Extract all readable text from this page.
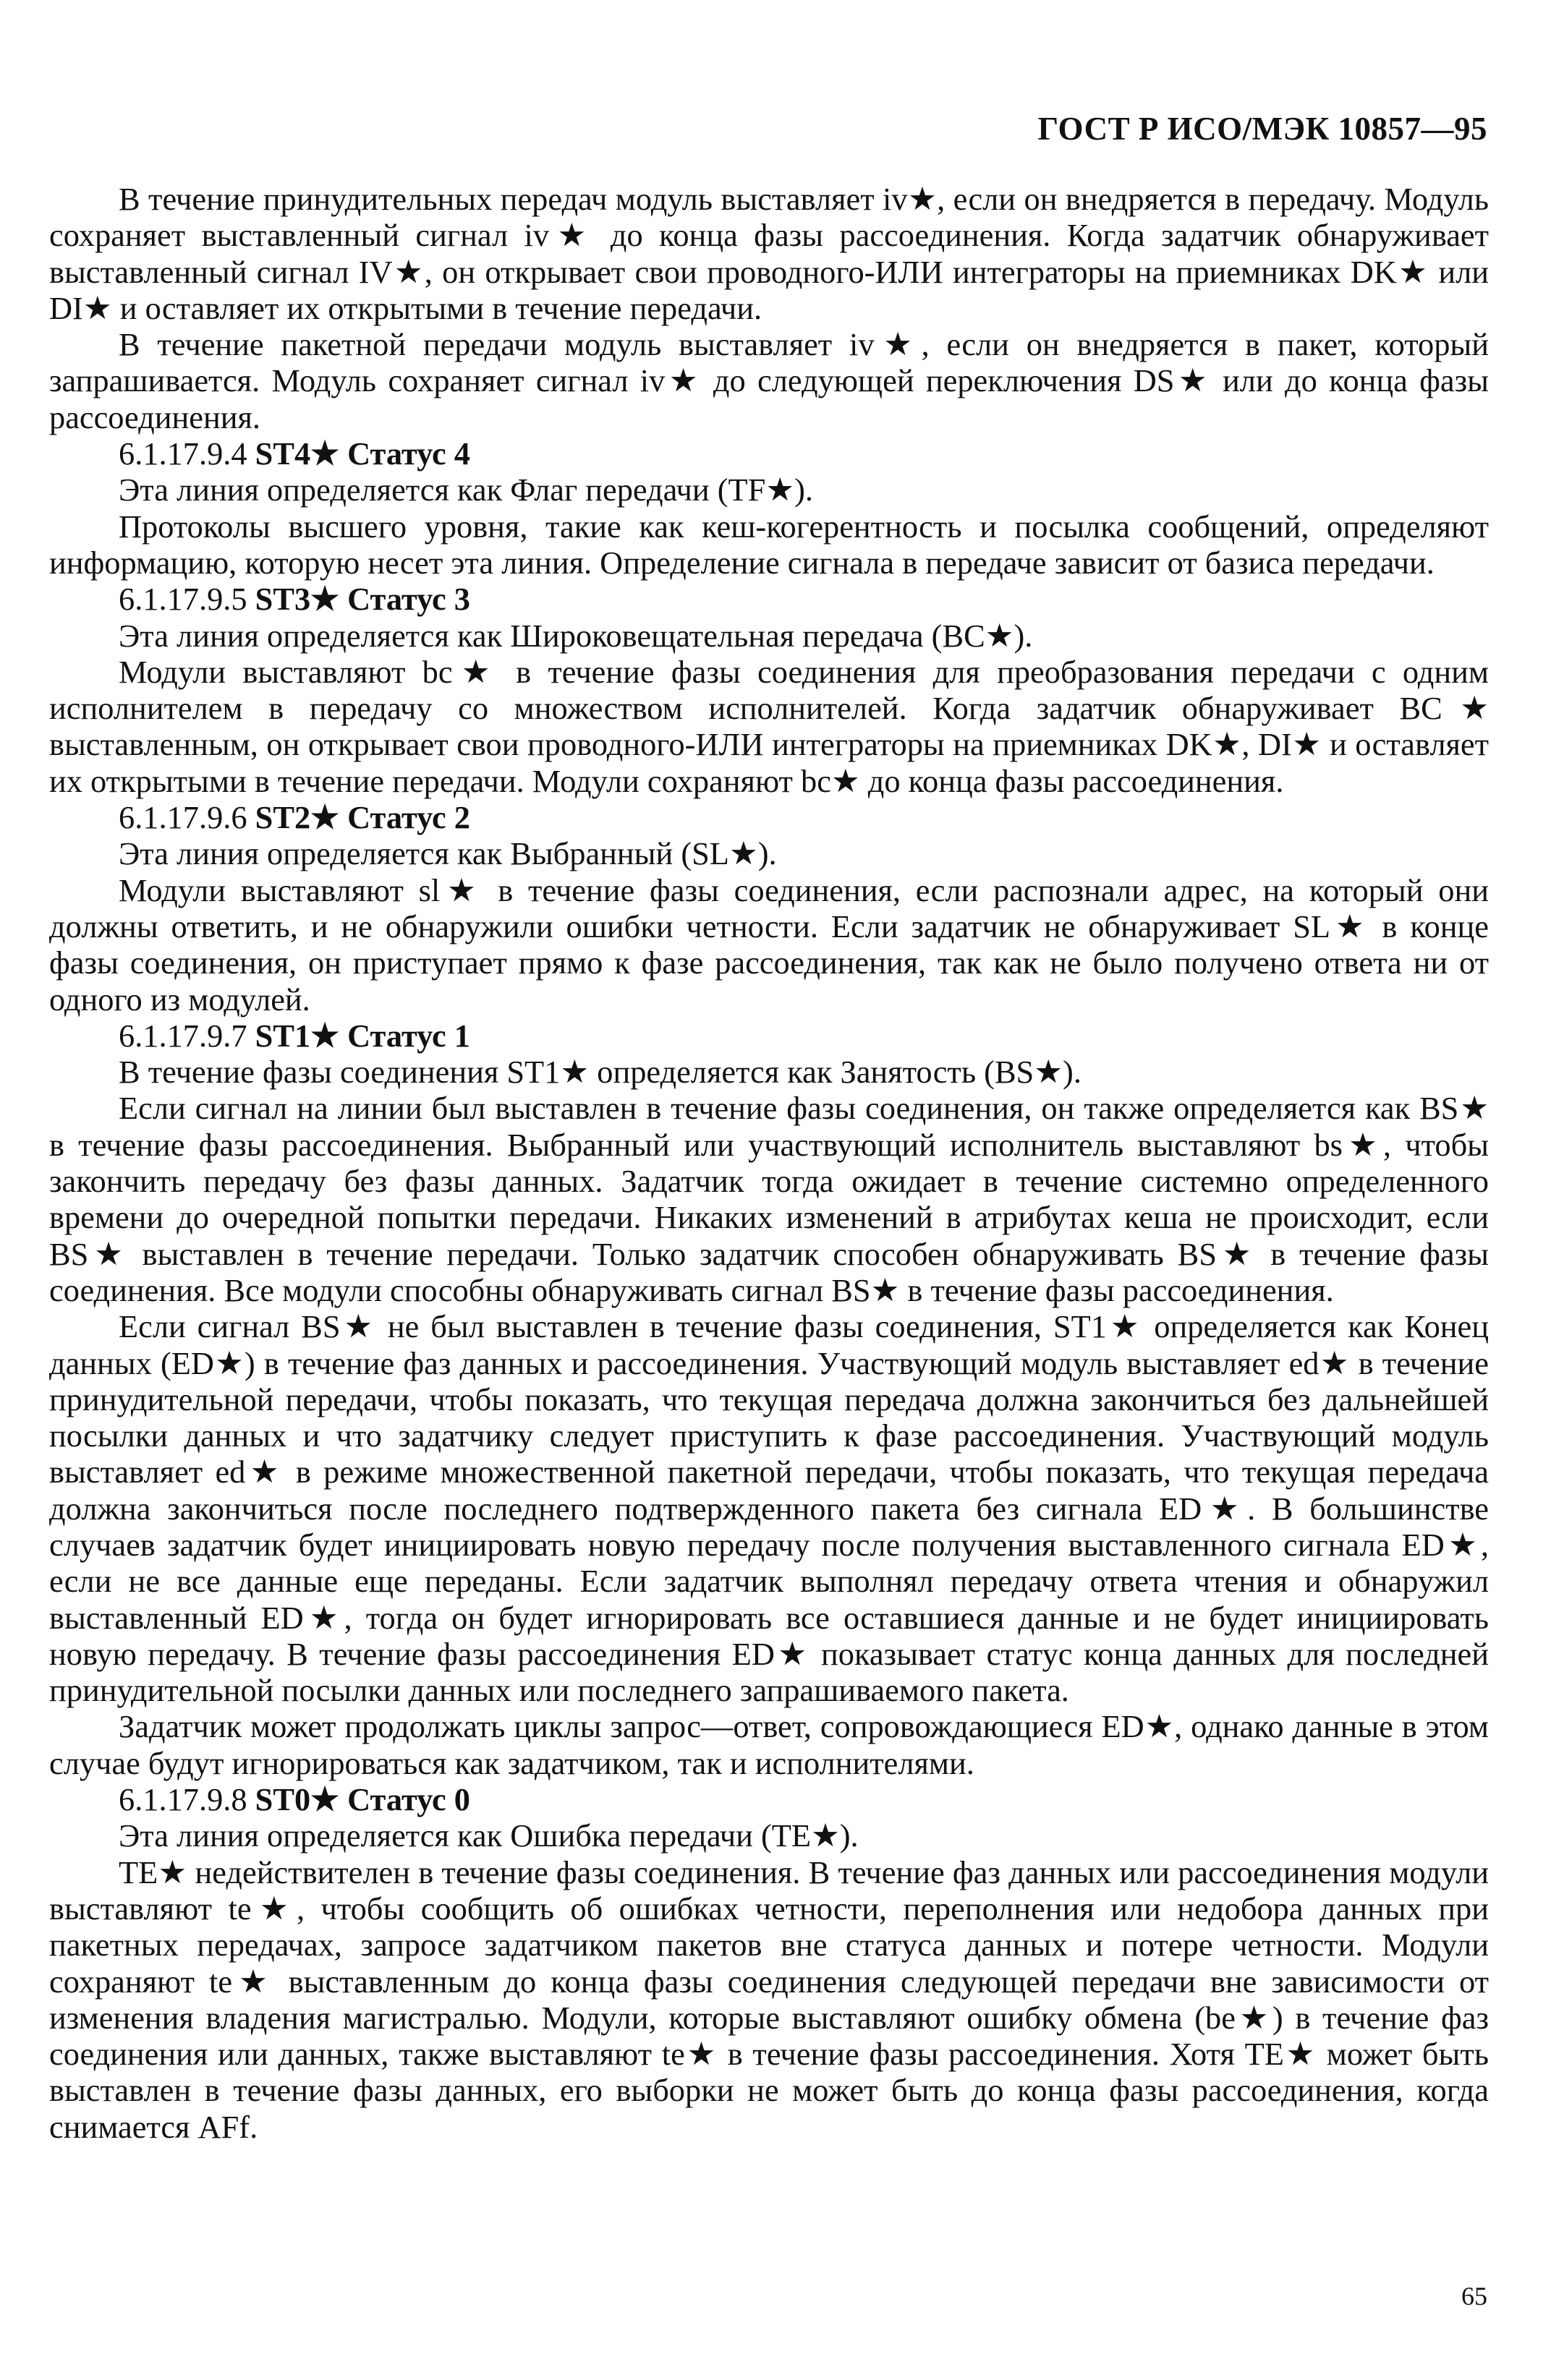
ГОСТ Р ИСО/МЭК 10857—95

В течение принудительных передач модуль выставляет iv★, если он внедряется в передачу. Модуль сохраняет выставленный сигнал iv★ до конца фазы рассоединения. Когда задатчик обнаруживает выставленный сигнал IV★, он открывает свои проводного-ИЛИ интеграторы на приемниках DK★ или DI★ и оставляет их открытыми в течение передачи.

В течение пакетной передачи модуль выставляет iv★, если он внедряется в пакет, который запрашивается. Модуль сохраняет сигнал iv★ до следующей переключения DS★ или до конца фазы рассоединения.

6.1.17.9.4 ST4★ Статус 4

Эта линия определяется как Флаг передачи (TF★).

Протоколы высшего уровня, такие как кеш-когерентность и посылка сообщений, определяют информацию, которую несет эта линия. Определение сигнала в передаче зависит от базиса передачи.

6.1.17.9.5 ST3★ Статус 3

Эта линия определяется как Широковещательная передача (BC★).

Модули выставляют bc★ в течение фазы соединения для преобразования передачи с одним исполнителем в передачу со множеством исполнителей. Когда задатчик обнаруживает BC★ выставленным, он открывает свои проводного-ИЛИ интеграторы на приемниках DK★, DI★ и оставляет их открытыми в течение передачи. Модули сохраняют bc★ до конца фазы рассоединения.

6.1.17.9.6 ST2★ Статус 2

Эта линия определяется как Выбранный (SL★).

Модули выставляют sl★ в течение фазы соединения, если распознали адрес, на который они должны ответить, и не обнаружили ошибки четности. Если задатчик не обнаруживает SL★ в конце фазы соединения, он приступает прямо к фазе рассоединения, так как не было получено ответа ни от одного из модулей.

6.1.17.9.7 ST1★ Статус 1

В течение фазы соединения ST1★ определяется как Занятость (BS★).

Если сигнал на линии был выставлен в течение фазы соединения, он также определяется как BS★ в течение фазы рассоединения. Выбранный или участвующий исполнитель выставляют bs★, чтобы закончить передачу без фазы данных. Задатчик тогда ожидает в течение системно определенного времени до очередной попытки передачи. Никаких изменений в атрибутах кеша не происходит, если BS★ выставлен в течение передачи. Только задатчик способен обнаруживать BS★ в течение фазы соединения. Все модули способны обнаруживать сигнал BS★ в течение фазы рассоединения.

Если сигнал BS★ не был выставлен в течение фазы соединения, ST1★ определяется как Конец данных (ED★) в течение фаз данных и рассоединения. Участвующий модуль выставляет ed★ в течение принудительной передачи, чтобы показать, что текущая передача должна закончиться без дальнейшей посылки данных и что задатчику следует приступить к фазе рассоединения. Участвующий модуль выставляет ed★ в режиме множественной пакетной передачи, чтобы показать, что текущая передача должна закончиться после последнего подтвержденного пакета без сигнала ED★. В большинстве случаев задатчик будет инициировать новую передачу после получения выставленного сигнала ED★, если не все данные еще переданы. Если задатчик выполнял передачу ответа чтения и обнаружил выставленный ED★, тогда он будет игнорировать все оставшиеся данные и не будет инициировать новую передачу. В течение фазы рассоединения ED★ показывает статус конца данных для последней принудительной посылки данных или последнего запрашиваемого пакета.

Задатчик может продолжать циклы запрос—ответ, сопровождающиеся ED★, однако данные в этом случае будут игнорироваться как задатчиком, так и исполнителями.

6.1.17.9.8 ST0★ Статус 0

Эта линия определяется как Ошибка передачи (TE★).

TE★ недействителен в течение фазы соединения. В течение фаз данных или рассоединения модули выставляют te★, чтобы сообщить об ошибках четности, переполнения или недобора данных при пакетных передачах, запросе задатчиком пакетов вне статуса данных и потере четности. Модули сохраняют te★ выставленным до конца фазы соединения следующей передачи вне зависимости от изменения владения магистралью. Модули, которые выставляют ошибку обмена (be★) в течение фаз соединения или данных, также выставляют te★ в течение фазы рассоединения. Хотя TE★ может быть выставлен в течение фазы данных, его выборки не может быть до конца фазы рассоединения, когда снимается AFf.

65
